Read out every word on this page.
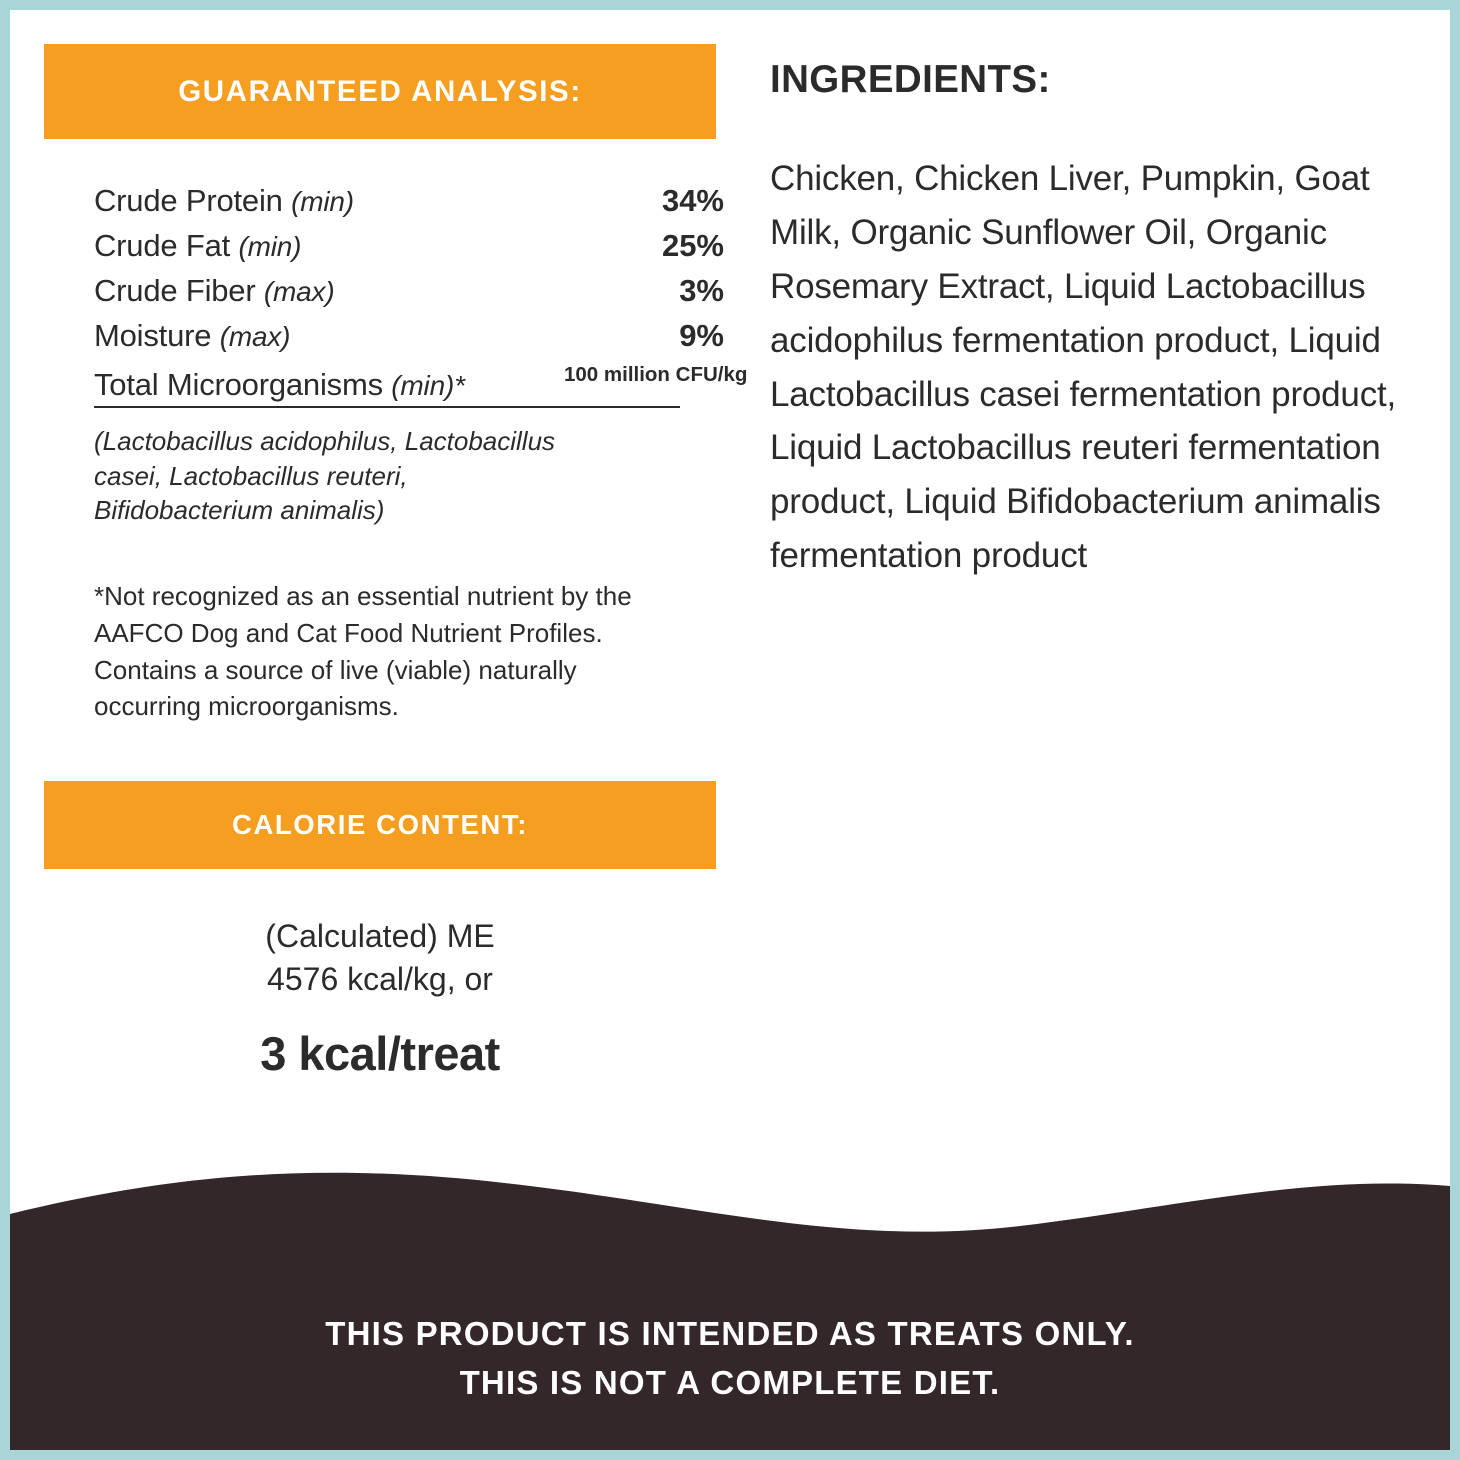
GUARANTEED ANALYSIS:
Crude Protein (min)	34%
Crude Fat (min)	25%
Crude Fiber (max)	3%
Moisture (max)	9%
Total Microorganisms (min)*	100 million CFU/kg
(Lactobacillus acidophilus, Lactobacillus casei, Lactobacillus reuteri, Bifidobacterium animalis)
*Not recognized as an essential nutrient by the AAFCO Dog and Cat Food Nutrient Profiles. Contains a source of live (viable) naturally occurring microorganisms.
CALORIE CONTENT:
(Calculated) ME
4576 kcal/kg, or
3 kcal/treat
INGREDIENTS:
Chicken, Chicken Liver, Pumpkin, Goat Milk, Organic Sunflower Oil, Organic Rosemary Extract, Liquid Lactobacillus acidophilus fermentation product, Liquid Lactobacillus casei fermentation product, Liquid Lactobacillus reuteri fermentation product, Liquid Bifidobacterium animalis fermentation product
THIS PRODUCT IS INTENDED AS TREATS ONLY.
THIS IS NOT A COMPLETE DIET.
